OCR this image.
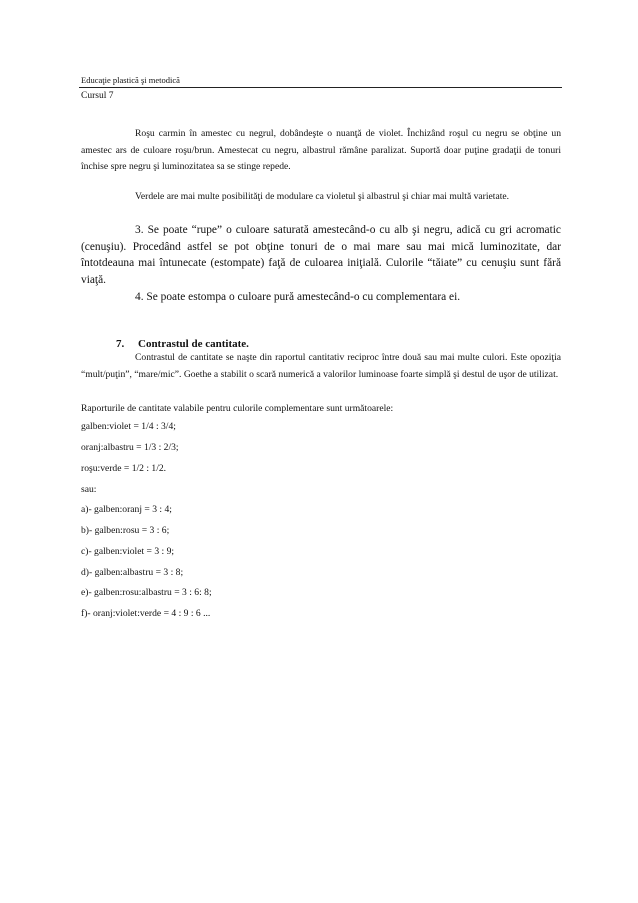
Educaţie plastică şi metodică
Cursul 7

Roşu carmin în amestec cu negrul, dobândeşte o nuanţă de violet. Închizând roşul cu negru se obţine un amestec ars de culoare roşu/brun. Amestecat cu negru, albastrul rămâne paralizat. Suportă doar puţine gradaţii de tonuri închise spre negru şi luminozitatea sa se stinge repede.

Verdele are mai multe posibilităţi de modulare ca violetul şi albastrul şi chiar mai multă varietate.

3. Se poate “rupe” o culoare saturată amestecând-o cu alb şi negru, adică cu gri acromatic (cenuşiu). Procedând astfel se pot obţine tonuri de o mai mare sau mai mică luminozitate, dar întotdeauna mai întunecate (estompate) faţă de culoarea iniţială. Culorile “tăiate” cu cenuşiu sunt fără viaţă.

4. Se poate estompa o culoare pură amestecând-o cu complementara ei.
7. Contrastul de cantitate.

Contrastul de cantitate se naşte din raportul cantitativ reciproc între două sau mai multe culori. Este opoziţia “mult/puţin”, “mare/mic”. Goethe a stabilit o scară numerică a valorilor luminoase foarte simplă şi destul de uşor de utilizat.

Raporturile de cantitate valabile pentru culorile complementare sunt următoarele:
galben:violet = 1/4 : 3/4;
oranj:albastru = 1/3 : 2/3;
roşu:verde = 1/2 : 1/2.
sau:
a)- galben:oranj = 3 : 4;
b)- galben:rosu = 3 : 6;
c)- galben:violet = 3 : 9;
d)- galben:albastru = 3 : 8;
e)- galben:rosu:albastru = 3 : 6: 8;
f)- oranj:violet:verde = 4 : 9 : 6 ...
